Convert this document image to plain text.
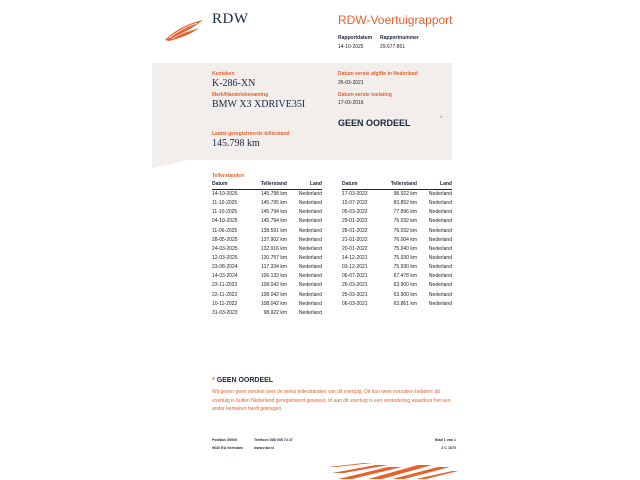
RDW	RDW-Voertuigrapport
Rapportdatum
14-10-2025
Rapportnummer
29.677.861
Kenteken
K-286-XN
Merk/Handelsbenaming
BMW X3 XDRIVE35I
Laatst geregistreerde tellerstand
145.798 km
Datum eerste afgifte in Nederland
26-03-2021
Datum eerste toelating
17-03-2016
GEEN OORDEEL	*
Tellerstanden
Datum	Tellerstand	Land
14-10-2025	145.798 km	Nederland
11-10-2025	145.795 km	Nederland
11-10-2025	145.794 km	Nederland
04-10-2025	145.794 km	Nederland
11-06-2025	138.591 km	Nederland
28-05-2025	137.902 km	Nederland
24-03-2025	132.916 km	Nederland
12-03-2025	130.757 km	Nederland
23-08-2024	117.334 km	Nederland
14-03-2024	106.132 km	Nederland
23-11-2023	108.042 km	Nederland
22-11-2023	108.042 km	Nederland
10-11-2023	108.042 km	Nederland
31-03-2023	98.922 km	Nederland
Datum	Tellerstand	Land
17-03-2023	98.922 km	Nederland
15-07-2022	83.852 km	Nederland
05-03-2022	77.896 km	Nederland
29-01-2022	76.032 km	Nederland
28-01-2022	76.032 km	Nederland
21-01-2022	76.004 km	Nederland
20-01-2022	75.940 km	Nederland
14-12-2021	75.930 km	Nederland
03-12-2021	75.930 km	Nederland
06-07-2021	67.478 km	Nederland
26-03-2021	63.900 km	Nederland
25-03-2021	63.900 km	Nederland
06-03-2021	63.861 km	Nederland
* GEEN OORDEEL
Wij geven geen oordeel over de reeks tellerstanden van dit voertuig. Dit kan twee oorzaken hebben: dit voertuig is buiten Nederland geregistreerd geweest, of aan dit voertuig is een verandering waardoor het een ander kenteken heeft gekregen.
Postbus 30000
9640 RA Veendam
Telefoon 088 008 74 47
www.rdw.nl
Blad 1 van 1
3 C 1070
